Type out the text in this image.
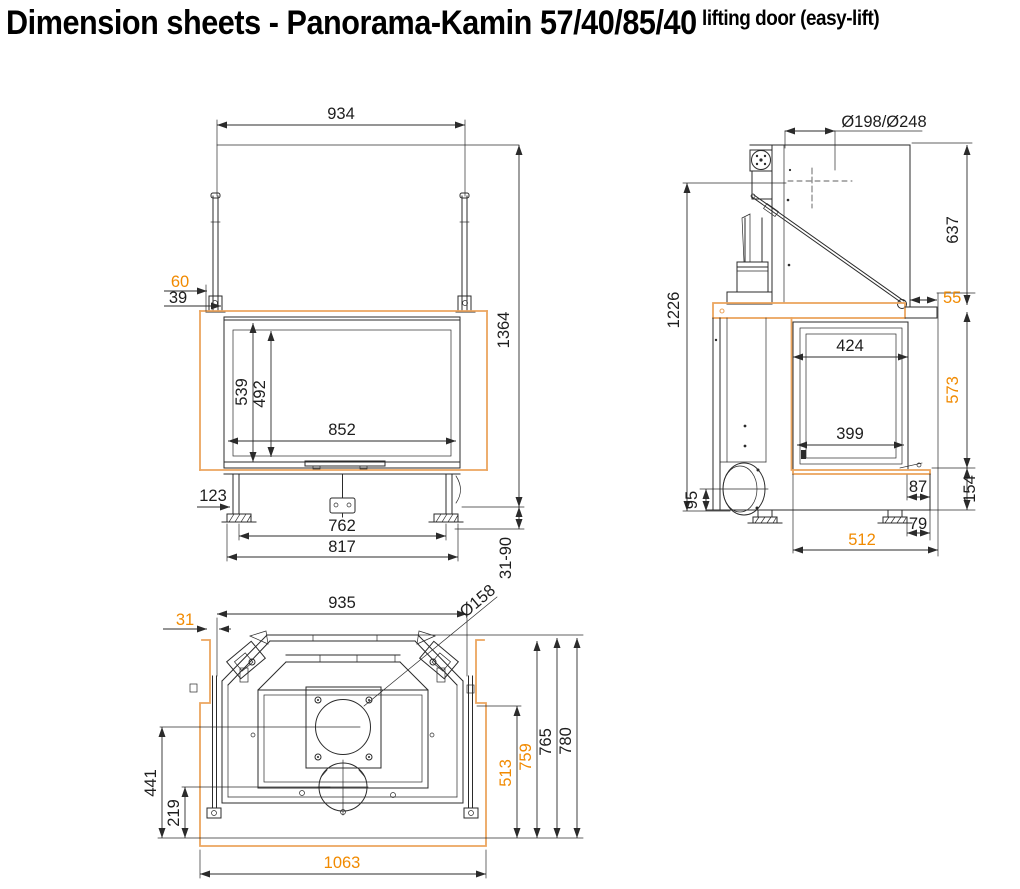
934
60
39
1364
539 492
852
123
762
817	31-90
Ø198/Ø248
637
55
1226
424
399
573
95
87 154
79
512
935	Ø158
31
441
219
513
759
765 780
1063
Dimension sheets - Panorama-Kamin 57/40/85/40 lifting door (easy-lift)
